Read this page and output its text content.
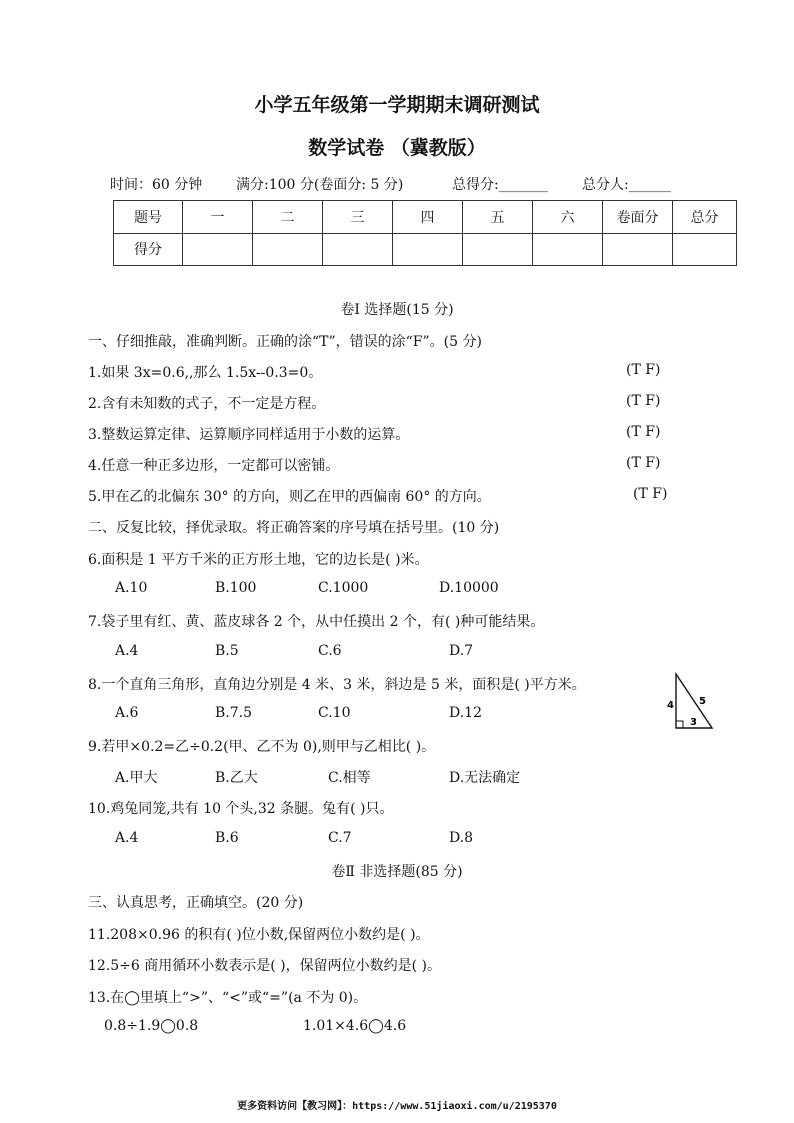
小学五年级第一学期期末调研测试
数学试卷 （冀教版）
时间：60 分钟 满分:100 分(卷面分: 5 分)	总得分:_______ 总分人:______
题号	一	二	三	四	五	六	卷面分	总分
得分								
卷Ⅰ 选择题(15 分)
一、仔细推敲，准确判断。正确的涂“T”，错误的涂“F”。(5 分)
1.如果 3x=0.6,,那么 1.5x--0.3=0。	(T F)
2.含有未知数的式子，不一定是方程。	(T F)
3.整数运算定律、运算顺序同样适用于小数的运算。	(T F)
4.任意一种正多边形，一定都可以密铺。	(T F)
5.甲在乙的北偏东 30° 的方向，则乙在甲的西偏南 60° 的方向。	(T F)
二、反复比较，择优录取。将正确答案的序号填在括号里。(10 分)
6.面积是 1 平方千米的正方形土地，它的边长是( )米。
A.10	B.100	C.1000	D.10000
7.袋子里有红、黄、蓝皮球各 2 个，从中任摸出 2 个，有( )种可能结果。
A.4	B.5	C.6	D.7
8.一个直角三角形，直角边分别是 4 米、3 米，斜边是 5 米，面积是( )平方米。
A.6	B.7.5	C.10	D.12	4	5
3
9.若甲×0.2=乙÷0.2(甲、乙不为 0),则甲与乙相比( )。
A.甲大	B.乙大	C.相等	D.无法确定
10.鸡兔同笼,共有 10 个头,32 条腿。兔有( )只。
A.4	B.6	C.7	D.8
卷Ⅱ 非选择题(85 分)
三、认真思考，正确填空。(20 分)
11.208×0.96 的积有( )位小数,保留两位小数约是( )。
12.5÷6 商用循环小数表示是( )，保留两位小数约是( )。
13.在◯里填上“>”、“<”或“=”(a 不为 0)。
0.8÷1.9◯0.8	1.01×4.6◯4.6
更多资料访问【教习网】：https://www.51jiaoxi.com/u/2195370
